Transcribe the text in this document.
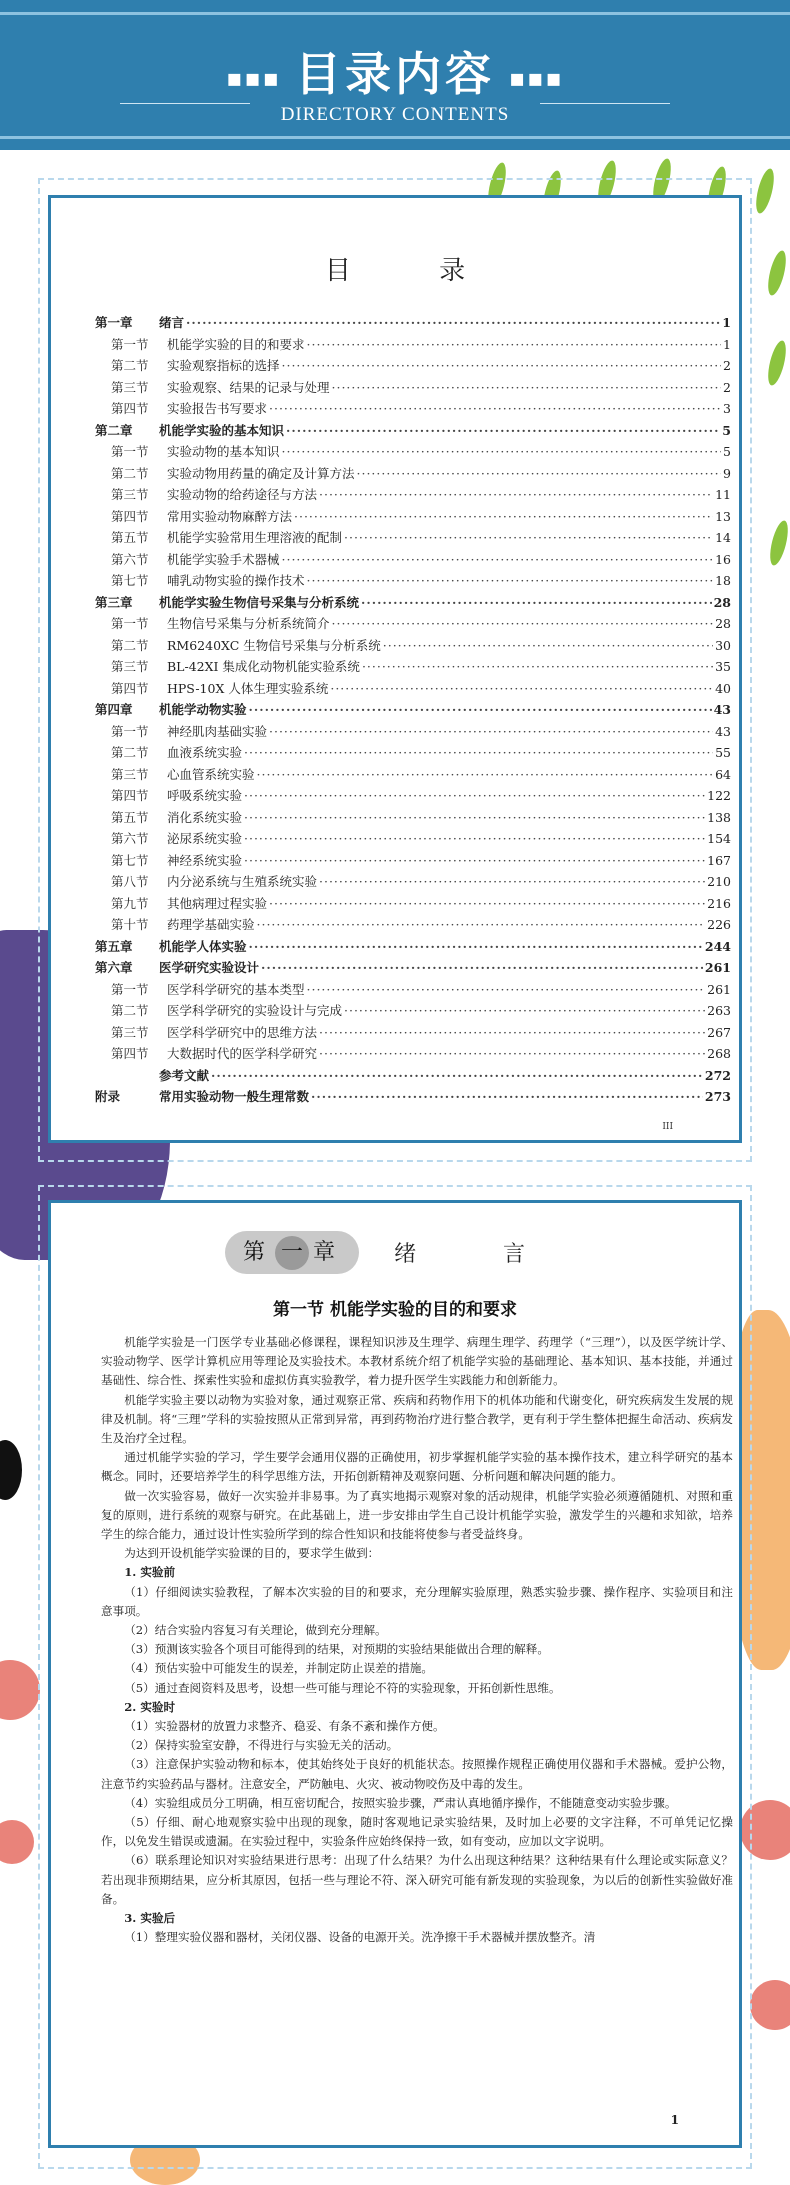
▪▪▪ 目录内容 ▪▪▪
DIRECTORY CONTENTS
目 录
第一章 绪言 ·····	1
第一节 机能学实验的目的和要求 ·····	1
第二节 实验观察指标的选择 ·····	2
第三节 实验观察、结果的记录与处理 ·····	2
第四节 实验报告书写要求 ·····	3
第二章 机能学实验的基本知识 ·····	5
第一节 实验动物的基本知识 ·····	5
第二节 实验动物用药量的确定及计算方法 ·····	9
第三节 实验动物的给药途径与方法 ·····	11
第四节 常用实验动物麻醉方法 ·····	13
第五节 机能学实验常用生理溶液的配制 ·····	14
第六节 机能学实验手术器械 ·····	16
第七节 哺乳动物实验的操作技术 ·····	18
第三章 机能学实验生物信号采集与分析系统 ·····	28
第一节 生物信号采集与分析系统简介 ·····	28
第二节 RM6240XC 生物信号采集与分析系统 ·····	30
第三节 BL-42XI 集成化动物机能实验系统 ·····	35
第四节 HPS-10X 人体生理实验系统 ·····	40
第四章 机能学动物实验 ·····	43
第一节 神经肌肉基础实验 ·····	43
第二节 血液系统实验 ·····	55
第三节 心血管系统实验 ·····	64
第四节 呼吸系统实验 ·····	122
第五节 消化系统实验 ·····	138
第六节 泌尿系统实验 ·····	154
第七节 神经系统实验 ·····	167
第八节 内分泌系统与生殖系统实验 ·····	210
第九节 其他病理过程实验 ·····	216
第十节 药理学基础实验 ·····	226
第五章 机能学人体实验 ·····	244
第六章 医学研究实验设计 ·····	261
第一节 医学科学研究的基本类型 ·····	261
第二节 医学科学研究的实验设计与完成 ·····	263
第三节 医学科学研究中的思维方法 ·····	267
第四节 大数据时代的医学科学研究 ·····	268
参考文献 ·····	272
附录	常用实验动物一般生理常数 ·····	273
III
第 一 章 绪 言
第一节 机能学实验的目的和要求

机能学实验是一门医学专业基础必修课程，课程知识涉及生理学、病理生理学、药理学（“三理”），以及医学统计学、实验动物学、医学计算机应用等理论及实验技术。本教材系统介绍了机能学实验的基础理论、基本知识、基本技能，并通过基础性、综合性、探索性实验和虚拟仿真实验教学，着力提升医学生实践能力和创新能力。

机能学实验主要以动物为实验对象，通过观察正常、疾病和药物作用下的机体功能和代谢变化，研究疾病发生发展的规律及机制。将“三理”学科的实验按照从正常到异常，再到药物治疗进行整合教学，更有利于学生整体把握生命活动、疾病发生及治疗全过程。

通过机能学实验的学习，学生要学会通用仪器的正确使用，初步掌握机能学实验的基本操作技术，建立科学研究的基本概念。同时，还要培养学生的科学思维方法，开拓创新精神及观察问题、分析问题和解决问题的能力。

做一次实验容易，做好一次实验并非易事。为了真实地揭示观察对象的活动规律，机能学实验必须遵循随机、对照和重复的原则，进行系统的观察与研究。在此基础上，进一步安排由学生自己设计机能学实验，激发学生的兴趣和求知欲，培养学生的综合能力，通过设计性实验所学到的综合性知识和技能将使参与者受益终身。

为达到开设机能学实验课的目的，要求学生做到：

1. 实验前

（1）仔细阅读实验教程，了解本次实验的目的和要求，充分理解实验原理，熟悉实验步骤、操作程序、实验项目和注意事项。

（2）结合实验内容复习有关理论，做到充分理解。

（3）预测该实验各个项目可能得到的结果，对预期的实验结果能做出合理的解释。

（4）预估实验中可能发生的误差，并制定防止误差的措施。

（5）通过查阅资料及思考，设想一些可能与理论不符的实验现象，开拓创新性思维。

2. 实验时

（1）实验器材的放置力求整齐、稳妥、有条不紊和操作方便。

（2）保持实验室安静，不得进行与实验无关的活动。

（3）注意保护实验动物和标本，使其始终处于良好的机能状态。按照操作规程正确使用仪器和手术器械。爱护公物，注意节约实验药品与器材。注意安全，严防触电、火灾、被动物咬伤及中毒的发生。

（4）实验组成员分工明确，相互密切配合，按照实验步骤，严肃认真地循序操作，不能随意变动实验步骤。

（5）仔细、耐心地观察实验中出现的现象，随时客观地记录实验结果，及时加上必要的文字注释，不可单凭记忆操作，以免发生错误或遗漏。在实验过程中，实验条件应始终保持一致，如有变动，应加以文字说明。

（6）联系理论知识对实验结果进行思考：出现了什么结果？为什么出现这种结果？这种结果有什么理论或实际意义？若出现非预期结果，应分析其原因，包括一些与理论不符、深入研究可能有新发现的实验现象，为以后的创新性实验做好准备。

3. 实验后

（1）整理实验仪器和器材，关闭仪器、设备的电源开关。洗净擦干手术器械并摆放整齐。清

1
